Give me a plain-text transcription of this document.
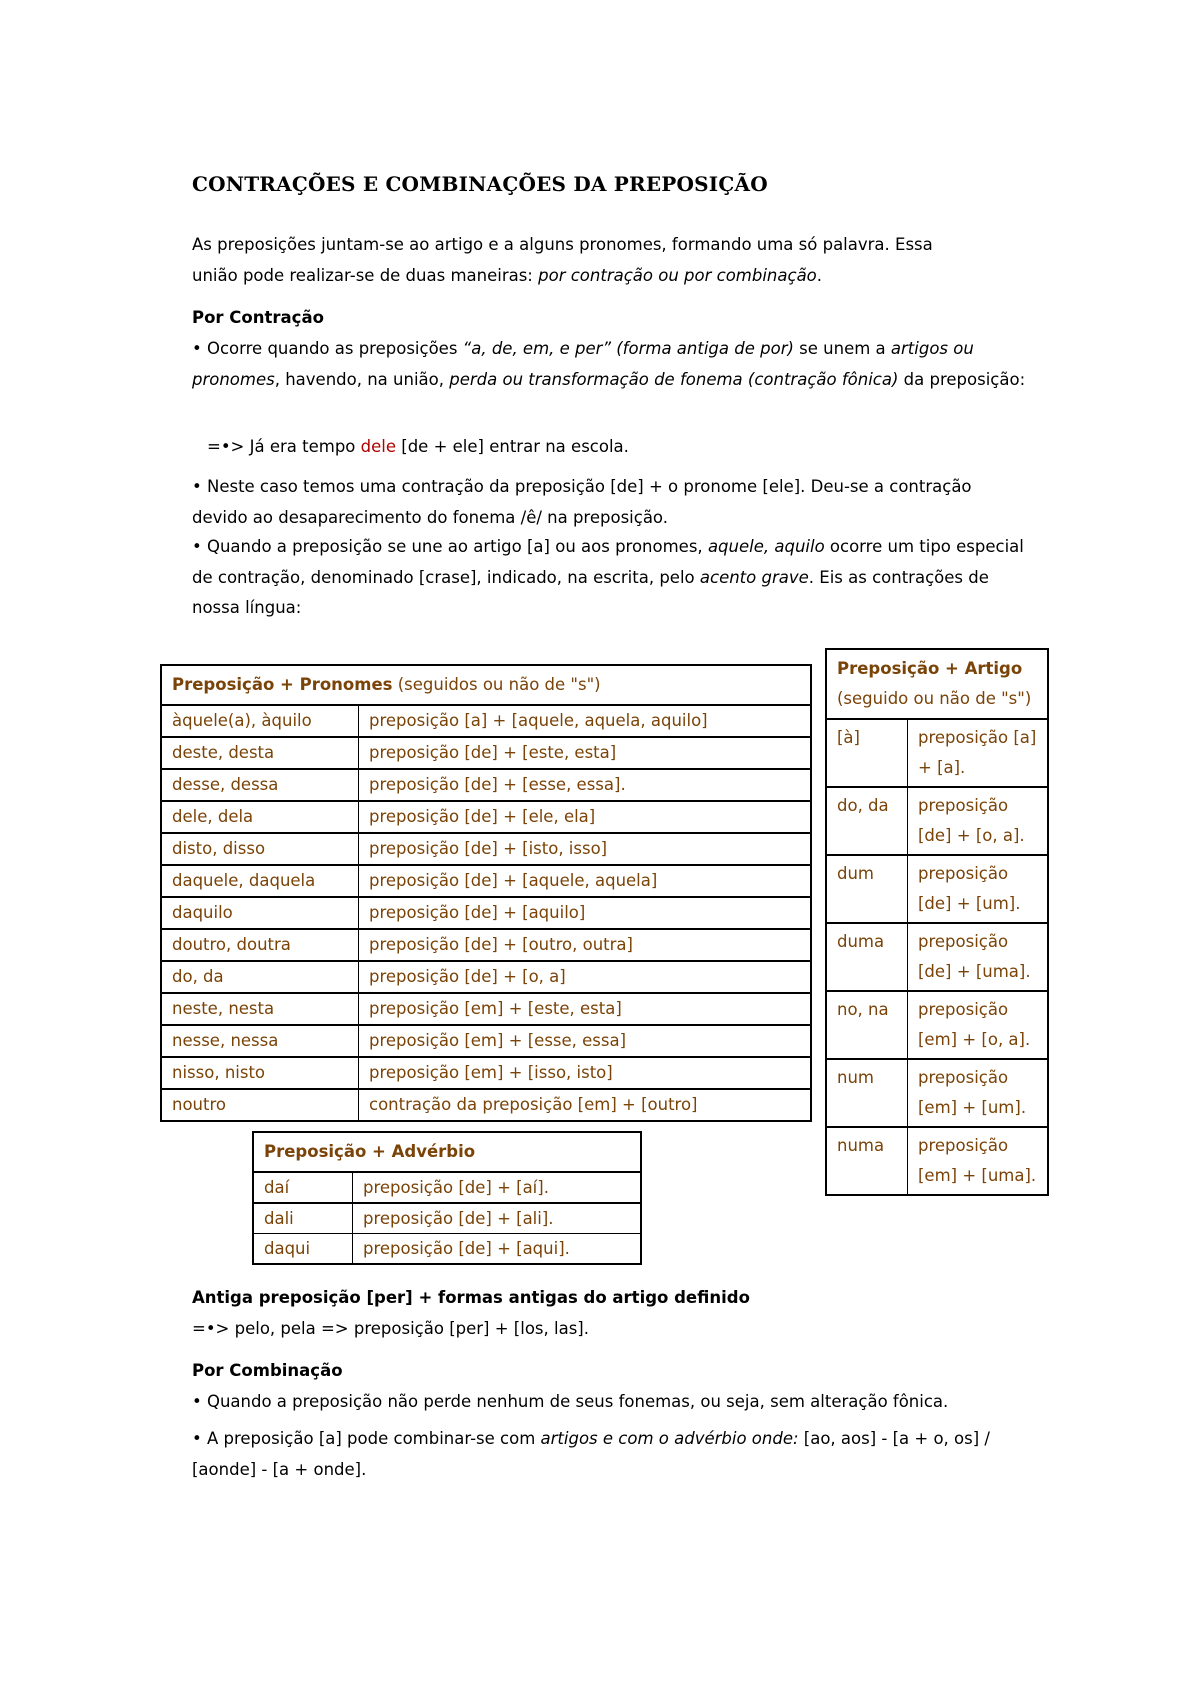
CONTRAÇÕES E COMBINAÇÕES DA PREPOSIÇÃO

As preposições juntam-se ao artigo e a alguns pronomes, formando uma só palavra. Essa
união pode realizar-se de duas maneiras: por contração ou por combinação.

Por Contração

• Ocorre quando as preposições “a, de, em, e per” (forma antiga de por) se unem a artigos ou pronomes, havendo, na união, perda ou transformação de fonema (contração fônica) da preposição:

=•> Já era tempo dele [de + ele] entrar na escola.

• Neste caso temos uma contração da preposição [de] + o pronome [ele]. Deu-se a contração devido ao desaparecimento do fonema /ê/ na preposição.

• Quando a preposição se une ao artigo [a] ou aos pronomes, aquele, aquilo ocorre um tipo especial de contração, denominado [crase], indicado, na escrita, pelo acento grave. Eis as contrações de nossa língua:

Preposição + Pronomes (seguidos ou não de "s")	
àquele(a), àquilo	preposição [a] + [aquele, aquela, aquilo]
deste, desta	preposição [de] + [este, esta]
desse, dessa	preposição [de] + [esse, essa].
dele, dela	preposição [de] + [ele, ela]
disto, disso	preposição [de] + [isto, isso]
daquele, daquela	preposição [de] + [aquele, aquela]
daquilo	preposição [de] + [aquilo]
doutro, doutra	preposição [de] + [outro, outra]
do, da	preposição [de] + [o, a]
neste, nesta	preposição [em] + [este, esta]
nesse, nessa	preposição [em] + [esse, essa]
nisso, nisto	preposição [em] + [isso, isto]
noutro	contração da preposição [em] + [outro]
Preposição + Advérbio	
daí	preposição [de] + [aí].
dali	preposição [de] + [ali].
daqui	preposição [de] + [aqui].
Preposição + Artigo
(seguido ou não de "s")	
[à]	preposição [a] + [a].
do, da	preposição [de] + [o, a].
dum	preposição [de] + [um].
duma	preposição [de] + [uma].
no, na	preposição [em] + [o, a].
num	preposição [em] + [um].
numa	preposição [em] + [uma].

Antiga preposição [per] + formas antigas do artigo definido

=•> pelo, pela => preposição [per] + [los, las].

Por Combinação

• Quando a preposição não perde nenhum de seus fonemas, ou seja, sem alteração fônica.

• A preposição [a] pode combinar-se com artigos e com o advérbio onde: [ao, aos] - [a + o, os] / [aonde] - [a + onde].
